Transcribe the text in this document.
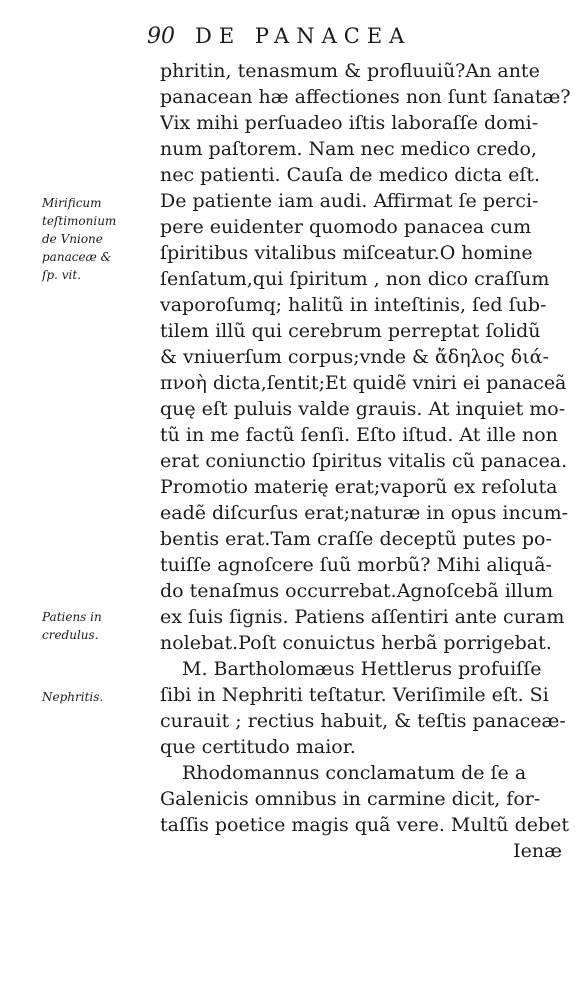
90 DE PANACEA
Mirificum
teſtimonium
de Vnione
panaceæ &
ſp. vit.
Patiens in
credulus.
Nephritis.
phritin, tenasmum & profluuiũ?An ante
panacean hæ affectiones non ſunt ſanatæ?
Vix mihi perſuadeo iſtis laboraſſe domi-
num paſtorem. Nam nec medico credo,
nec patienti. Cauſa de medico dicta eſt.
De patiente iam audi. Affirmat ſe perci-
pere euidenter quomodo panacea cum
ſpiritibus vitalibus miſceatur.O homine
ſenſatum,qui ſpiritum , non dico craſſum
vaporoſumq; halitũ in inteſtinis, ſed ſub-
tilem illũ qui cerebrum perreptat ſolidũ
& vniuerſum corpus;vnde & ἄδηλος διά-
πνοὴ dicta,ſentit;Et quidẽ vniri ei panaceã
quę eſt puluis valde grauis. At inquiet mo-
tũ in me factũ ſenſi. Eſto iſtud. At ille non
erat coniunctio ſpiritus vitalis cũ panacea.
Promotio materię erat;vaporũ ex reſoluta
eadẽ diſcurſus erat;naturæ in opus incum-
bentis erat.Tam craſſe deceptũ putes po-
tuiſſe agnoſcere ſuũ morbũ? Mihi aliquã-
do tenaſmus occurrebat.Agnoſcebã illum
ex ſuis ſignis. Patiens aſſentiri ante curam
nolebat.Poſt conuictus herbã porrigebat.
M. Bartholomæus Hettlerus profuiſſe
ſibi in Nephriti teſtatur. Veriſimile eſt. Si
curauit ; rectius habuit, & teſtis panaceæ-
que certitudo maior.
Rhodomannus conclamatum de ſe a
Galenicis omnibus in carmine dicit, for-
taſſis poetice magis quã vere. Multũ debet
Ienæ
